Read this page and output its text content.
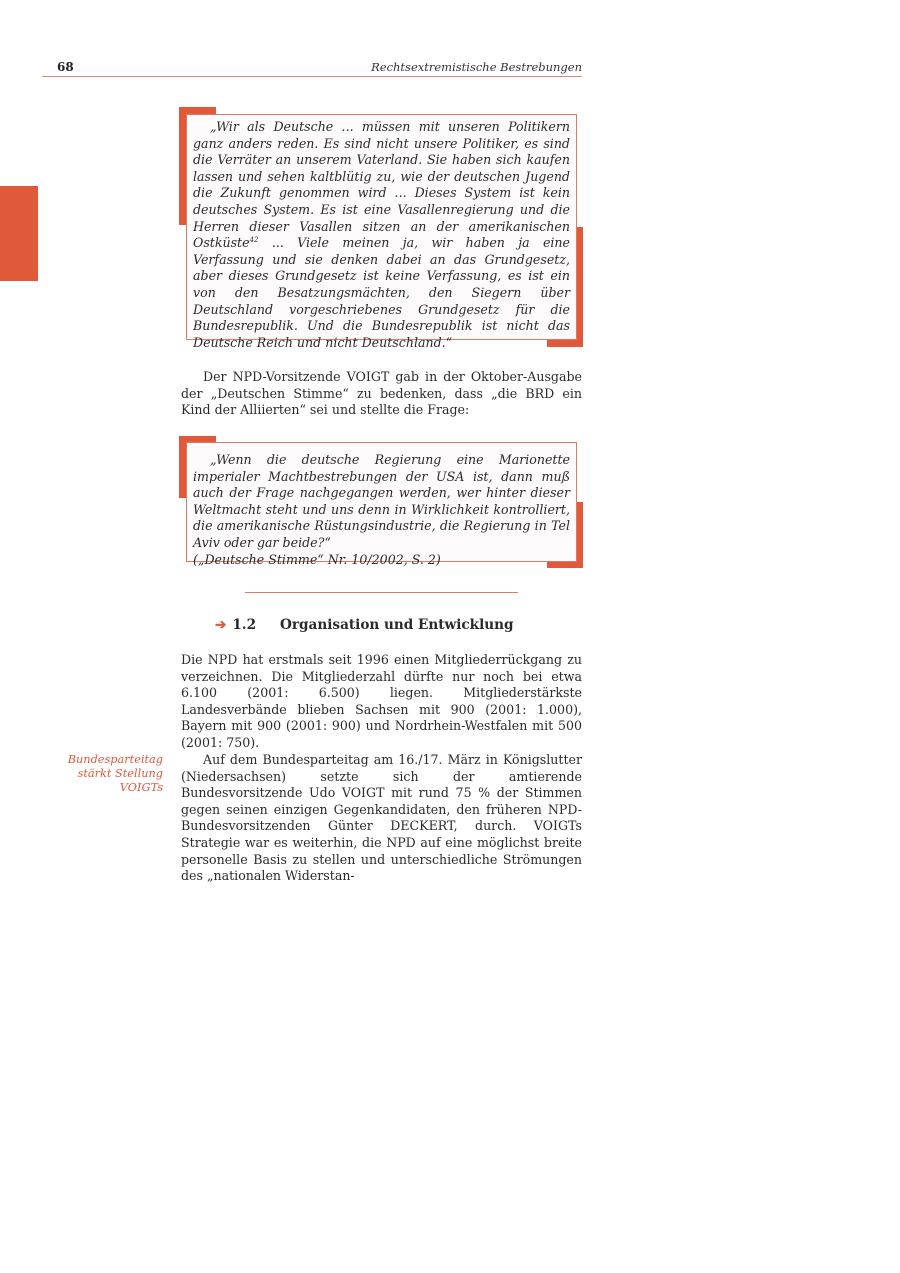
68	Rechtsextremistische Bestrebungen

„Wir als Deutsche ... müssen mit unseren Politikern ganz anders reden. Es sind nicht unsere Politiker, es sind die Verräter an unserem Vaterland. Sie haben sich kaufen lassen und sehen kaltblütig zu, wie der deutschen Jugend die Zukunft genommen wird ... Dieses System ist kein deutsches System. Es ist eine Vasallenregierung und die Herren dieser Vasallen sitzen an der amerikanischen Ostküste$^{42}$ ... Viele meinen ja, wir haben ja eine Verfassung und sie denken dabei an das Grundgesetz, aber dieses Grundgesetz ist keine Verfassung, es ist ein von den Besatzungsmächten, den Siegern über Deutschland vorgeschriebenes Grundgesetz für die Bundesrepublik. Und die Bundesrepublik ist nicht das Deutsche Reich und nicht Deutschland.“

Der NPD-Vorsitzende VOIGT gab in der Oktober-Ausgabe der „Deutschen Stimme“ zu bedenken, dass „die BRD ein Kind der Alliierten“ sei und stellte die Frage:

„Wenn die deutsche Regierung eine Marionette imperialer Machtbestrebungen der USA ist, dann muß auch der Frage nachgegangen werden, wer hinter dieser Weltmacht steht und uns denn in Wirklichkeit kontrolliert, die amerikanische Rüstungsindustrie, die Regierung in Tel Aviv oder gar beide?“

(„Deutsche Stimme“ Nr. 10/2002, S. 2)

➔ 1.2 Organisation und Entwicklung

Die NPD hat erstmals seit 1996 einen Mitgliederrückgang zu verzeichnen. Die Mitgliederzahl dürfte nur noch bei etwa 6.100 (2001: 6.500) liegen. Mitgliederstärkste Landesverbände blieben Sachsen mit 900 (2001: 1.000), Bayern mit 900 (2001: 900) und Nordrhein-Westfalen mit 500 (2001: 750).

Bundesparteitag
stärkt Stellung
VOIGTs

Auf dem Bundesparteitag am 16./17. März in Königslutter (Niedersachsen) setzte sich der amtierende Bundesvorsitzende Udo VOIGT mit rund 75 % der Stimmen gegen seinen einzigen Gegenkandidaten, den früheren NPD-Bundesvorsitzenden Günter DECKERT, durch. VOIGTs Strategie war es weiterhin, die NPD auf eine möglichst breite personelle Basis zu stellen und unterschiedliche Strömungen des „nationalen Widerstan-
